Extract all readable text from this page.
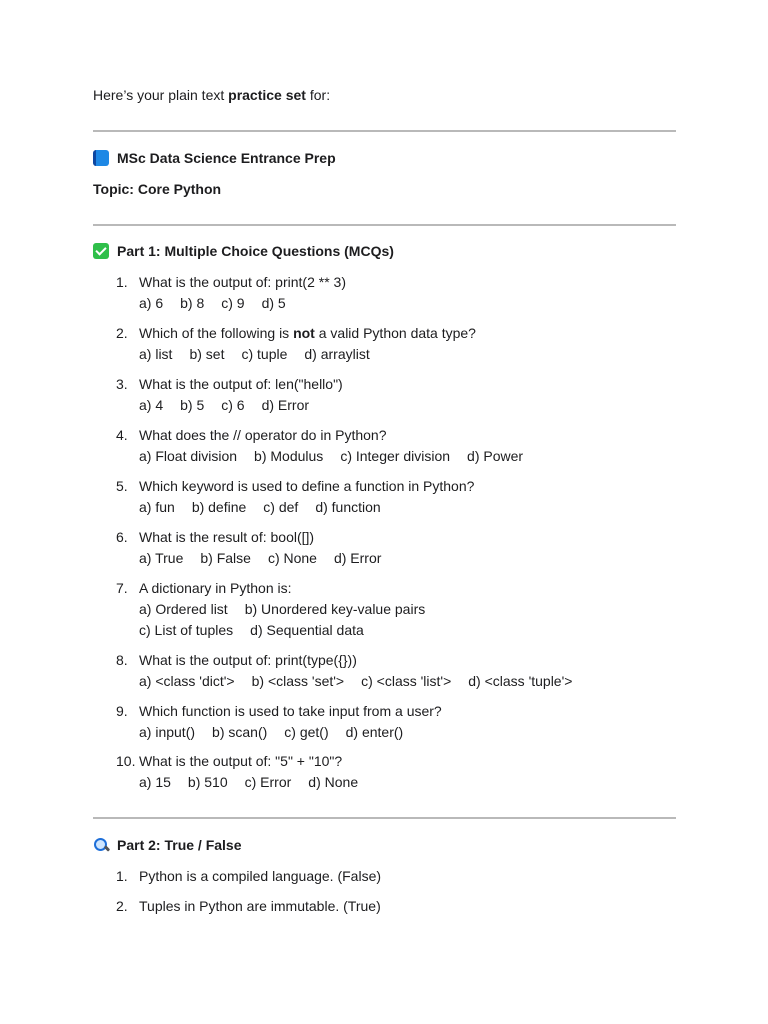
Here’s your plain text practice set for:
MSc Data Science Entrance Prep
Topic: Core Python
Part 1: Multiple Choice Questions (MCQs)
1. What is the output of: print(2 ** 3)
a) 6 b) 8 c) 9 d) 5
2. Which of the following is not a valid Python data type?
a) list b) set c) tuple d) arraylist
3. What is the output of: len("hello")
a) 4 b) 5 c) 6 d) Error
4. What does the // operator do in Python?
a) Float division b) Modulus c) Integer division d) Power
5. Which keyword is used to define a function in Python?
a) fun b) define c) def d) function
6. What is the result of: bool([])
a) True b) False c) None d) Error
7. A dictionary in Python is:
a) Ordered list b) Unordered key-value pairs
c) List of tuples d) Sequential data
8. What is the output of: print(type({}))
a) <class 'dict'> b) <class 'set'> c) <class 'list'> d) <class 'tuple'>
9. Which function is used to take input from a user?
a) input() b) scan() c) get() d) enter()
10. What is the output of: "5" + "10"?
a) 15 b) 510 c) Error d) None
Part 2: True / False
1. Python is a compiled language. (False)
2. Tuples in Python are immutable. (True)
